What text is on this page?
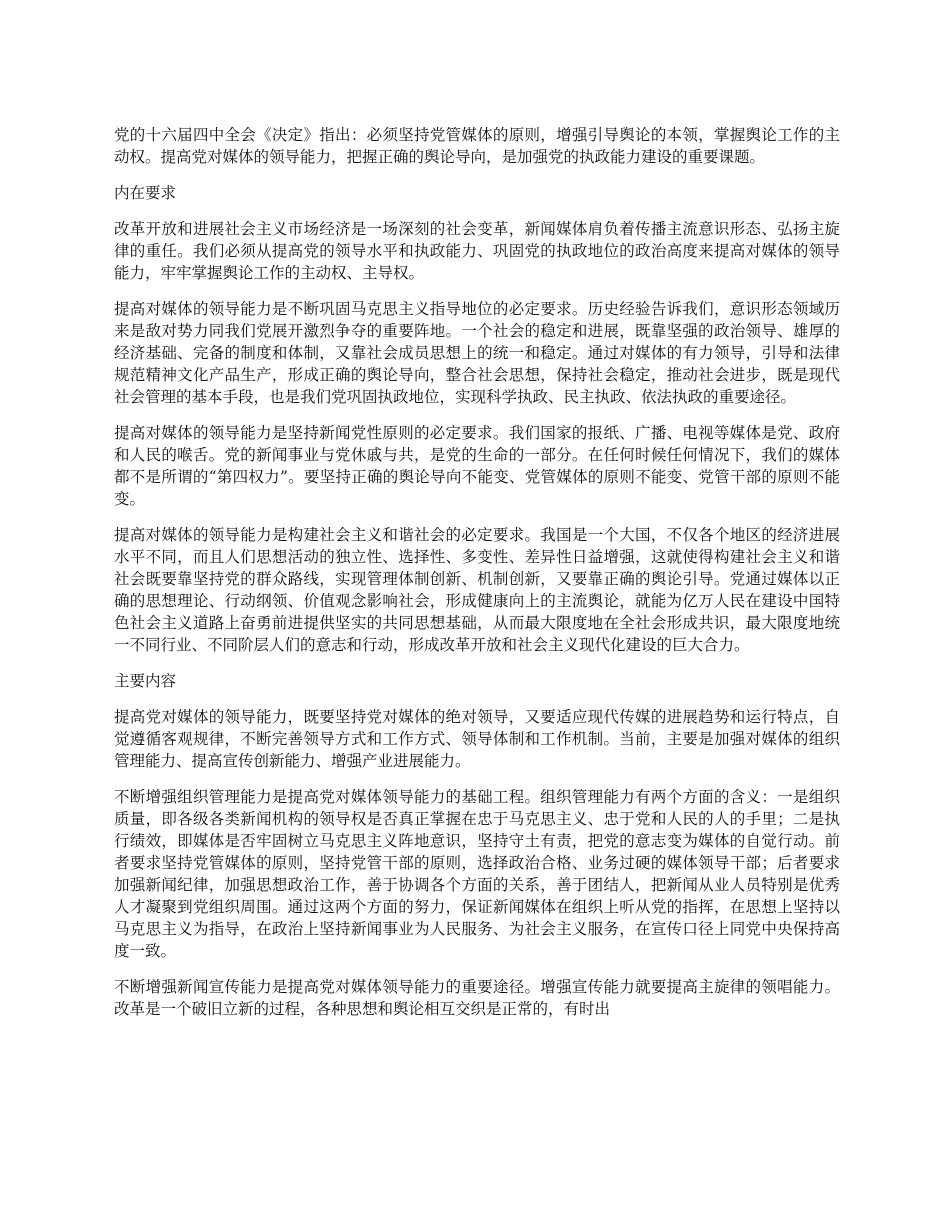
党的十六届四中全会《决定》指出：必须坚持党管媒体的原则，增强引导舆论的本领，掌握舆论工作的主动权。提高党对媒体的领导能力，把握正确的舆论导向，是加强党的执政能力建设的重要课题。

内在要求

改革开放和进展社会主义市场经济是一场深刻的社会变革，新闻媒体肩负着传播主流意识形态、弘扬主旋律的重任。我们必须从提高党的领导水平和执政能力、巩固党的执政地位的政治高度来提高对媒体的领导能力，牢牢掌握舆论工作的主动权、主导权。

提高对媒体的领导能力是不断巩固马克思主义指导地位的必定要求。历史经验告诉我们，意识形态领域历来是敌对势力同我们党展开激烈争夺的重要阵地。一个社会的稳定和进展，既靠坚强的政治领导、雄厚的经济基础、完备的制度和体制，又靠社会成员思想上的统一和稳定。通过对媒体的有力领导，引导和法律规范精神文化产品生产，形成正确的舆论导向，整合社会思想，保持社会稳定，推动社会进步，既是现代社会管理的基本手段，也是我们党巩固执政地位，实现科学执政、民主执政、依法执政的重要途径。

提高对媒体的领导能力是坚持新闻党性原则的必定要求。我们国家的报纸、广播、电视等媒体是党、政府和人民的喉舌。党的新闻事业与党休戚与共，是党的生命的一部分。在任何时候任何情况下，我们的媒体都不是所谓的“第四权力”。要坚持正确的舆论导向不能变、党管媒体的原则不能变、党管干部的原则不能变。

提高对媒体的领导能力是构建社会主义和谐社会的必定要求。我国是一个大国，不仅各个地区的经济进展水平不同，而且人们思想活动的独立性、选择性、多变性、差异性日益增强，这就使得构建社会主义和谐社会既要靠坚持党的群众路线，实现管理体制创新、机制创新，又要靠正确的舆论引导。党通过媒体以正确的思想理论、行动纲领、价值观念影响社会，形成健康向上的主流舆论，就能为亿万人民在建设中国特色社会主义道路上奋勇前进提供坚实的共同思想基础，从而最大限度地在全社会形成共识，最大限度地统一不同行业、不同阶层人们的意志和行动，形成改革开放和社会主义现代化建设的巨大合力。

主要内容

提高党对媒体的领导能力，既要坚持党对媒体的绝对领导，又要适应现代传媒的进展趋势和运行特点，自觉遵循客观规律，不断完善领导方式和工作方式、领导体制和工作机制。当前，主要是加强对媒体的组织管理能力、提高宣传创新能力、增强产业进展能力。

不断增强组织管理能力是提高党对媒体领导能力的基础工程。组织管理能力有两个方面的含义：一是组织质量，即各级各类新闻机构的领导权是否真正掌握在忠于马克思主义、忠于党和人民的人的手里；二是执行绩效，即媒体是否牢固树立马克思主义阵地意识，坚持守土有责，把党的意志变为媒体的自觉行动。前者要求坚持党管媒体的原则，坚持党管干部的原则，选择政治合格、业务过硬的媒体领导干部；后者要求加强新闻纪律，加强思想政治工作，善于协调各个方面的关系，善于团结人，把新闻从业人员特别是优秀人才凝聚到党组织周围。通过这两个方面的努力，保证新闻媒体在组织上听从党的指挥，在思想上坚持以马克思主义为指导，在政治上坚持新闻事业为人民服务、为社会主义服务，在宣传口径上同党中央保持高度一致。

不断增强新闻宣传能力是提高党对媒体领导能力的重要途径。增强宣传能力就要提高主旋律的领唱能力。改革是一个破旧立新的过程，各种思想和舆论相互交织是正常的，有时出
